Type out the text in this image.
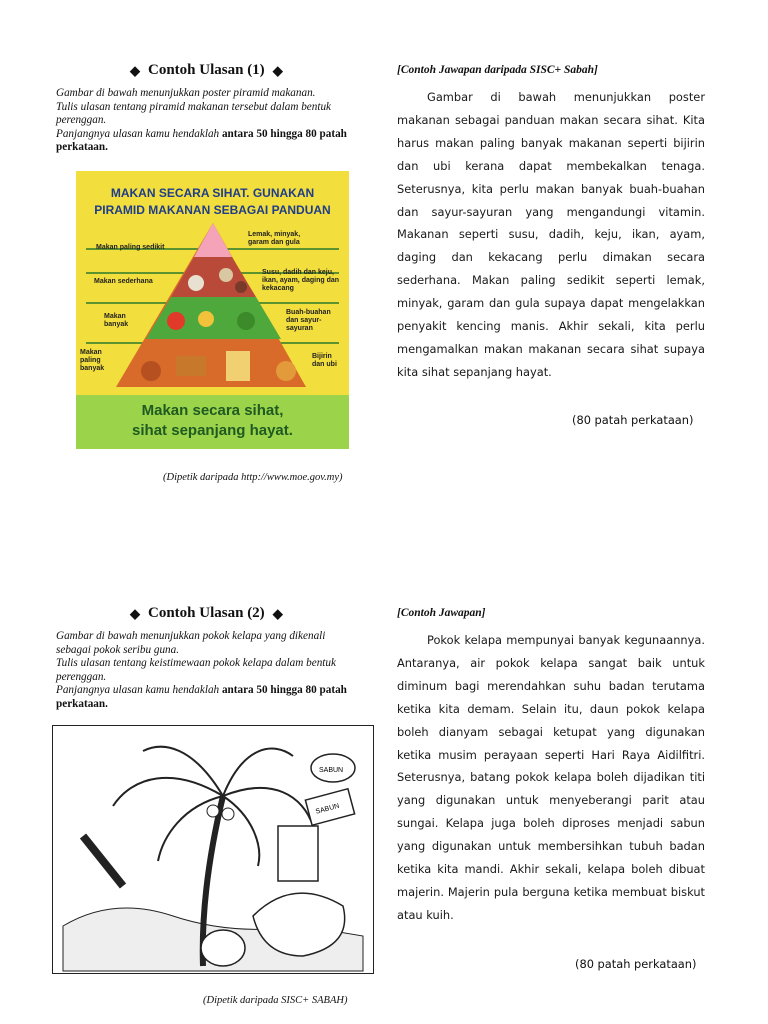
◆ Contoh Ulasan (1) ◆
Gambar di bawah menunjukkan poster piramid makanan.
Tulis ulasan tentang piramid makanan tersebut dalam bentuk perenggan.
Panjangnya ulasan kamu hendaklah antara 50 hingga 80 patah perkataan.
MAKAN SECARA SIHAT. GUNAKAN
PIRAMID MAKANAN SEBAGAI PANDUAN
Makan paling sedikit
Makan sederhana
Makan banyak
Makan paling banyak
Lemak, minyak, garam dan gula
Susu, dadih dan keju, ikan, ayam, daging dan kekacang
Buah-buahan dan sayur-sayuran
Bijirin dan ubi
Makan secara sihat,
sihat sepanjang hayat.
(Dipetik daripada http://www.moe.gov.my)
[Contoh Jawapan daripada SISC+ Sabah]

Gambar di bawah menunjukkan poster makanan sebagai panduan makan secara sihat. Kita harus makan paling banyak makanan seperti bijirin dan ubi kerana dapat membekalkan tenaga. Seterusnya, kita perlu makan banyak buah-buahan dan sayur-sayuran yang mengandungi vitamin. Makanan seperti susu, dadih, keju, ikan, ayam, daging dan kekacang perlu dimakan secara sederhana. Makan paling sedikit seperti lemak, minyak, garam dan gula supaya dapat mengelakkan penyakit kencing manis. Akhir sekali, kita perlu mengamalkan makan makanan secara sihat supaya kita sihat sepanjang hayat.

(80 patah perkataan)
◆ Contoh Ulasan (2) ◆
Gambar di bawah menunjukkan pokok kelapa yang dikenali sebagai pokok seribu guna.
Tulis ulasan tentang keistimewaan pokok kelapa dalam bentuk perenggan.
Panjangnya ulasan kamu hendaklah antara 50 hingga 80 patah perkataan.
SABUN
SABUN
(Dipetik daripada SISC+ SABAH)
[Contoh Jawapan]

Pokok kelapa mempunyai banyak kegunaannya. Antaranya, air pokok kelapa sangat baik untuk diminum bagi merendahkan suhu badan terutama ketika kita demam. Selain itu, daun pokok kelapa boleh dianyam sebagai ketupat yang digunakan ketika musim perayaan seperti Hari Raya Aidilfitri. Seterusnya, batang pokok kelapa boleh dijadikan titi yang digunakan untuk menyeberangi parit atau sungai. Kelapa juga boleh diproses menjadi sabun yang digunakan untuk membersihkan tubuh badan ketika kita mandi. Akhir sekali, kelapa boleh dibuat majerin. Majerin pula berguna ketika membuat biskut atau kuih.

(80 patah perkataan)
